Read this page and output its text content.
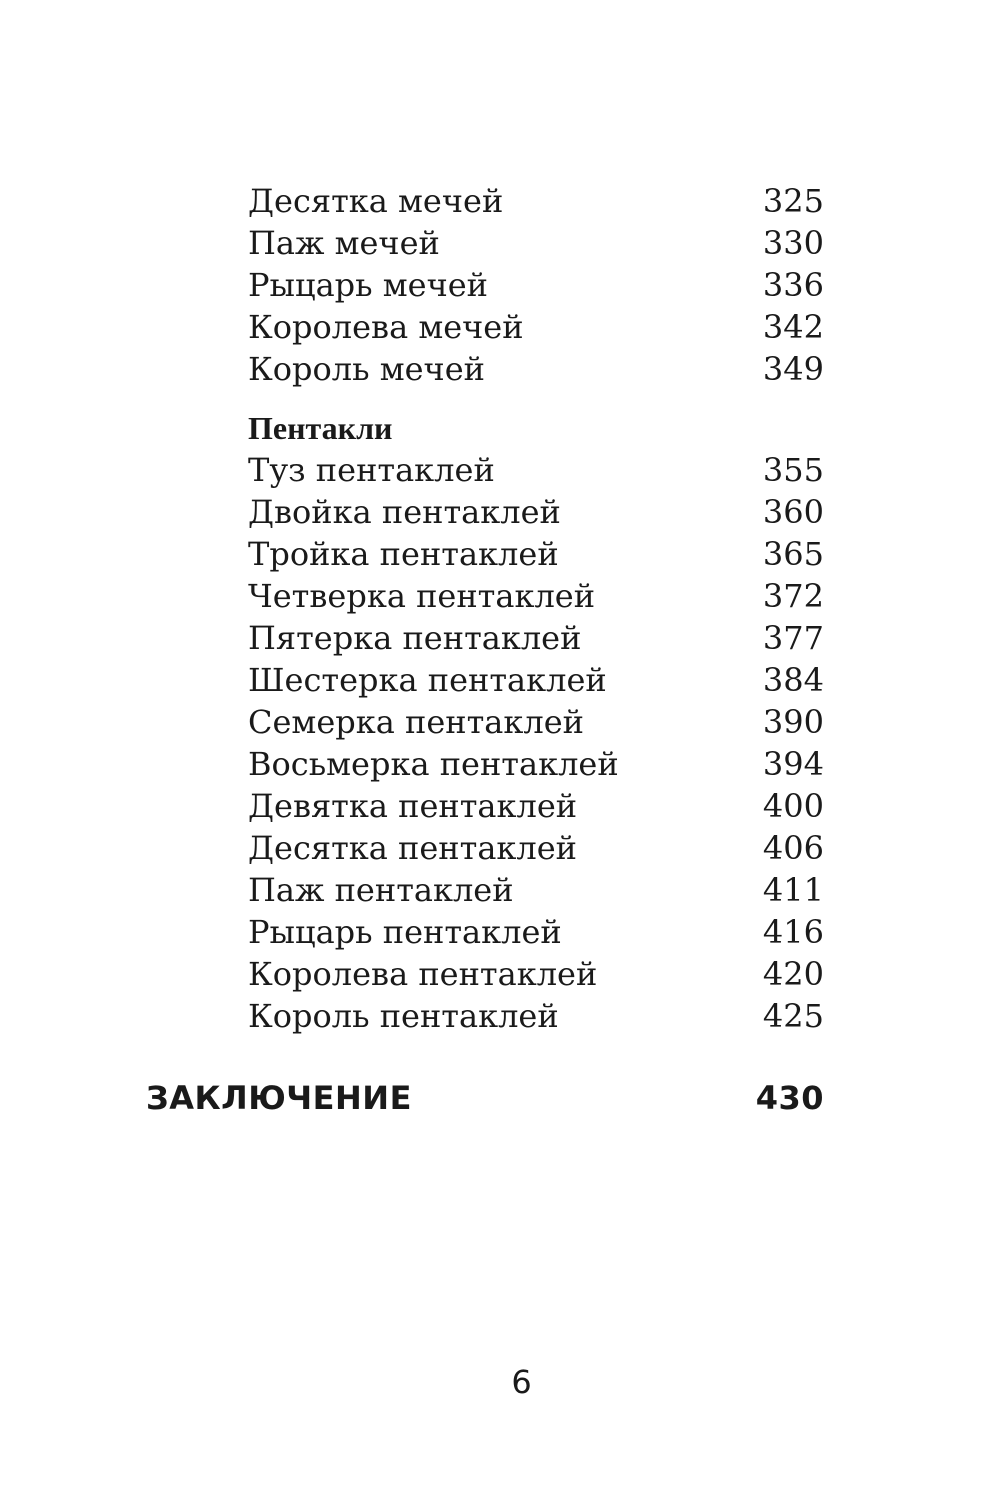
Десятка мечей	325
Паж мечей	330
Рыцарь мечей	336
Королева мечей	342
Король мечей	349
Пентакли
Туз пентаклей	355
Двойка пентаклей	360
Тройка пентаклей	365
Четверка пентаклей	372
Пятерка пентаклей	377
Шестерка пентаклей	384
Семерка пентаклей	390
Восьмерка пентаклей	394
Девятка пентаклей	400
Десятка пентаклей	406
Паж пентаклей	411
Рыцарь пентаклей	416
Королева пентаклей	420
Король пентаклей	425
ЗАКЛЮЧЕНИЕ	430
6
